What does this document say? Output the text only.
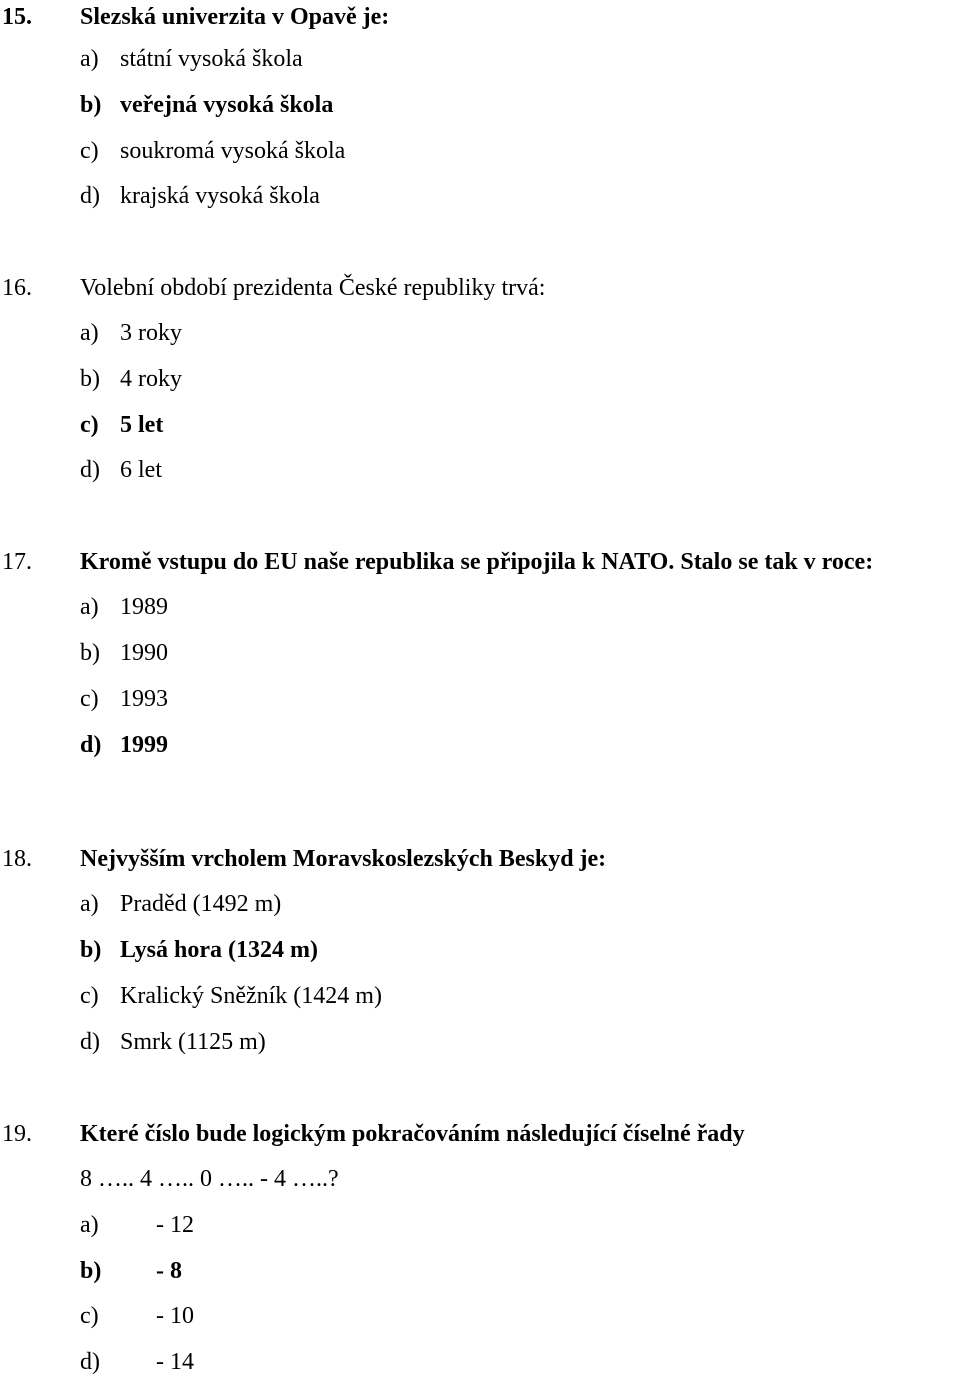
15. Slezská univerzita v Opavě je:
a) státní vysoká škola
b) veřejná vysoká škola
c) soukromá vysoká škola
d) krajská vysoká škola
16. Volební období prezidenta České republiky trvá:
a) 3 roky
b) 4 roky
c) 5 let
d) 6 let
17. Kromě vstupu do EU naše republika se připojila k NATO. Stalo se tak v roce:
a) 1989
b) 1990
c) 1993
d) 1999
18. Nejvyšším vrcholem Moravskoslezských Beskyd je:
a) Praděd (1492 m)
b) Lysá hora (1324 m)
c) Kralický Sněžník (1424 m)
d) Smrk (1125 m)
19. Které číslo bude logickým pokračováním následující číselné řady
8 ….. 4 ….. 0 ….. - 4 …..?
a) - 12
b) - 8
c) - 10
d) - 14
